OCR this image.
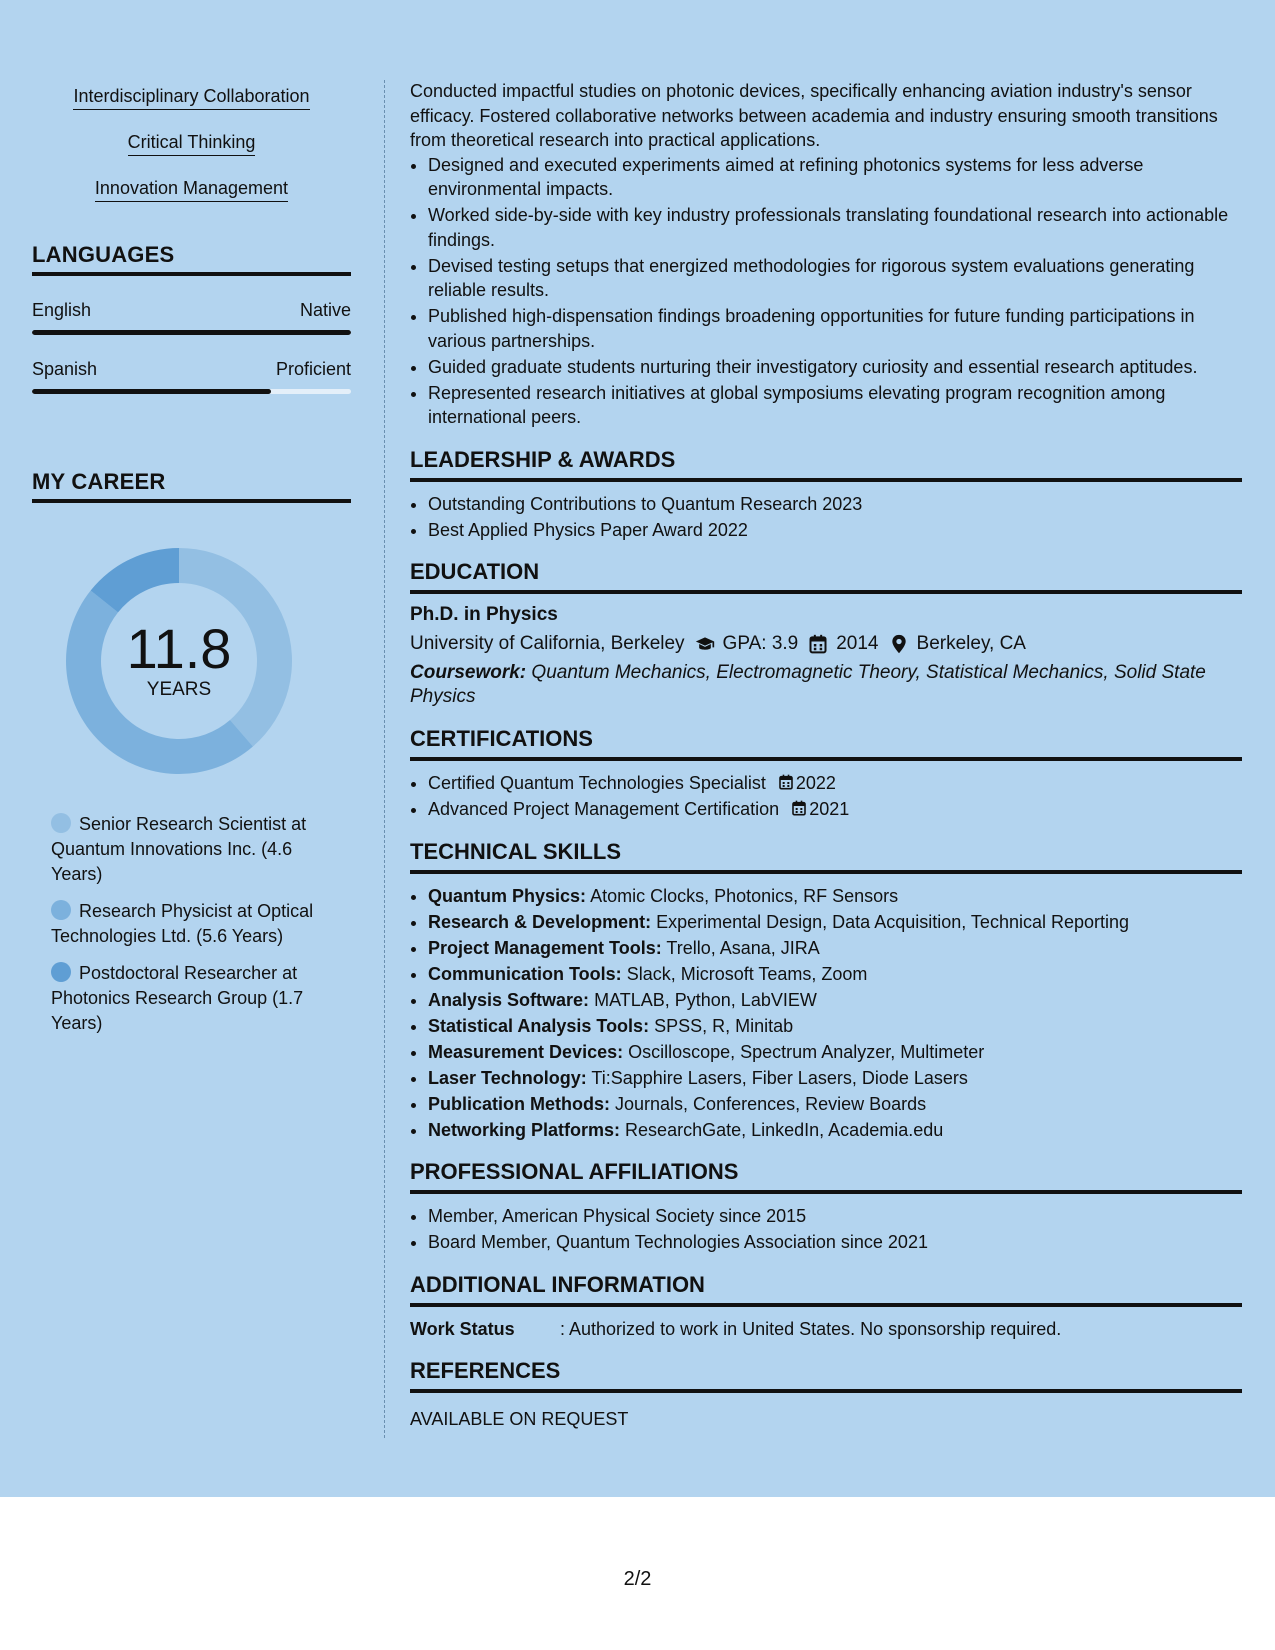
Interdisciplinary Collaboration
Critical Thinking
Innovation Management
LANGUAGES
English	Native
Spanish	Proficient
MY CAREER
11.8
YEARS
Senior Research Scientist at Quantum Innovations Inc. (4.6 Years)
Research Physicist at Optical Technologies Ltd. (5.6 Years)
Postdoctoral Researcher at Photonics Research Group (1.7 Years)

Conducted impactful studies on photonic devices, specifically enhancing aviation industry's sensor efficacy. Fostered collaborative networks between academia and industry ensuring smooth transitions from theoretical research into practical applications.

• Designed and executed experiments aimed at refining photonics systems for less adverse environmental impacts.
• Worked side-by-side with key industry professionals translating foundational research into actionable findings.
• Devised testing setups that energized methodologies for rigorous system evaluations generating reliable results.
• Published high-dispensation findings broadening opportunities for future funding participations in various partnerships.
• Guided graduate students nurturing their investigatory curiosity and essential research aptitudes.
• Represented research initiatives at global symposiums elevating program recognition among international peers.
LEADERSHIP & AWARDS
• Outstanding Contributions to Quantum Research 2023
• Best Applied Physics Paper Award 2022
EDUCATION
Ph.D. in Physics
University of California, Berkeley GPA: 3.9 2014 Berkeley, CA
Coursework: Quantum Mechanics, Electromagnetic Theory, Statistical Mechanics, Solid State Physics
CERTIFICATIONS
• Certified Quantum Technologies Specialist 2022
• Advanced Project Management Certification 2021
TECHNICAL SKILLS
• Quantum Physics: Atomic Clocks, Photonics, RF Sensors
• Research & Development: Experimental Design, Data Acquisition, Technical Reporting
• Project Management Tools: Trello, Asana, JIRA
• Communication Tools: Slack, Microsoft Teams, Zoom
• Analysis Software: MATLAB, Python, LabVIEW
• Statistical Analysis Tools: SPSS, R, Minitab
• Measurement Devices: Oscilloscope, Spectrum Analyzer, Multimeter
• Laser Technology: Ti:Sapphire Lasers, Fiber Lasers, Diode Lasers
• Publication Methods: Journals, Conferences, Review Boards
• Networking Platforms: ResearchGate, LinkedIn, Academia.edu
PROFESSIONAL AFFILIATIONS
• Member, American Physical Society since 2015
• Board Member, Quantum Technologies Association since 2021
ADDITIONAL INFORMATION
Work Status	: Authorized to work in United States. No sponsorship required.
REFERENCES
AVAILABLE ON REQUEST
2/2
